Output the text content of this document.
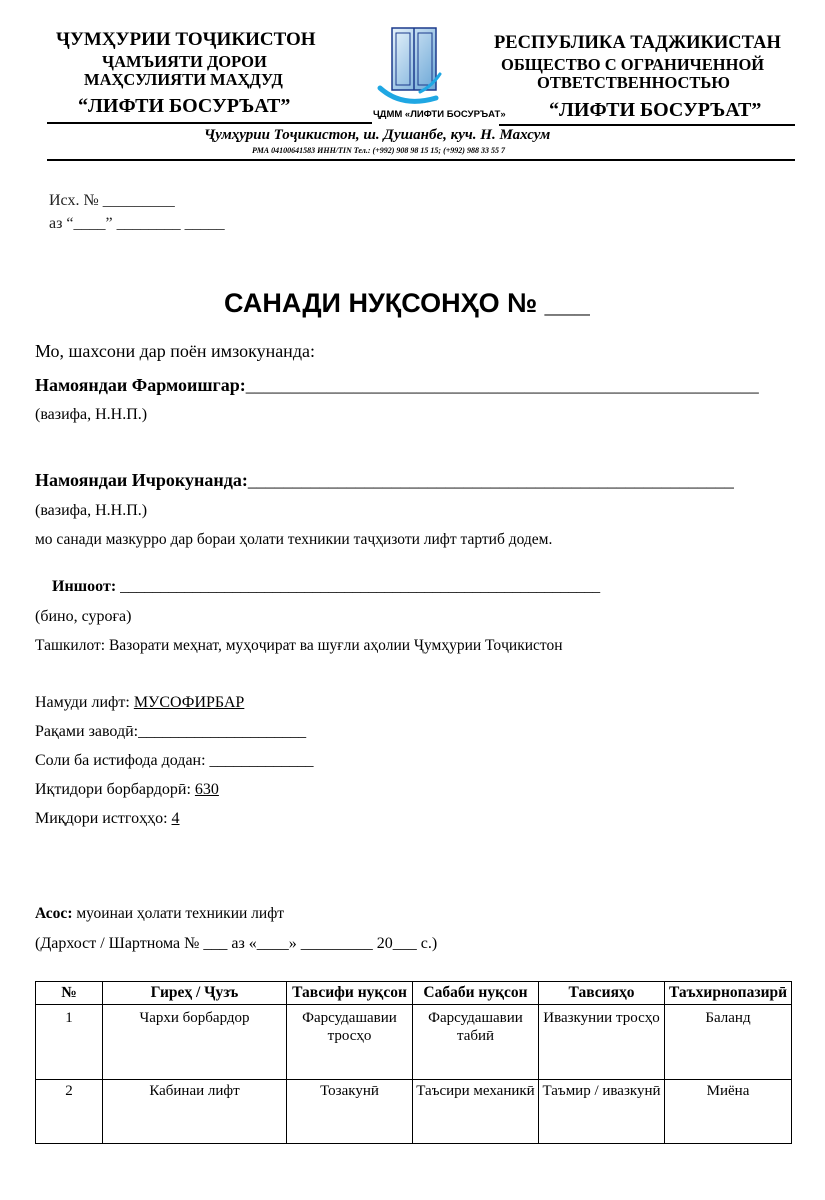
ҶУМҲУРИИ ТОҶИКИСТОН
ҶАМЪИЯТИ ДОРОИ
МАҲСУЛИЯТИ МАҲДУД
“ЛИФТИ БОСУРЪАТ”
РЕСПУБЛИКА ТАДЖИКИСТАН
ОБЩЕСТВО С ОГРАНИЧЕННОЙ
ОТВЕТСТВЕННОСТЬЮ
“ЛИФТИ БОСУРЪАТ”
ҶДММ «ЛИФТИ БОСУРЪАТ»
Ҷумҳурии Тоҷикистон, ш. Душанбе, куч. Н. Махсум
РМА 04100641583 ИНН/TIN Тел.: (+992) 908 98 15 15; (+992) 988 33 55 7
Исх. № _________
аз “____” ________ _____
САНАДИ НУҚСОНҲО № ___
Мо, шахсони дар поён имзокунанда:
Намояндаи Фармоишгар:_________________________________________________________
(вазифа, Н.Н.П.)
Намояндаи Ичрокунанда:______________________________________________________
(вазифа, Н.Н.П.)
мо санади мазкурро дар бораи ҳолати техникии таҷҳизоти лифт тартиб додем.
Иншоот: ____________________________________________________________
(бино, суроға)
Ташкилот: Вазорати меҳнат, муҳоҷират ва шуғли аҳолии Ҷумҳурии Тоҷикистон
Намуди лифт: МУСОФИРБАР
Рақами заводӣ:_____________________
Соли ба истифода додан: _____________
Иқтидори борбардорӣ: 630
Миқдори истгоҳҳо: 4
Асос: муоинаи ҳолати техникии лифт
(Дархост / Шартнома № ___ аз «____» _________ 20___ с.)
№	Гиреҳ / Ҷузъ	Тавсифи нуқсон	Сабаби нуқсон	Тавсияҳо	Таъхирнопазирӣ
1	Чархи борбардор	Фарсудашавии тросҳо	Фарсудашавии табиӣ	Ивазкунии тросҳо	Баланд
2	Кабинаи лифт	Тозакунӣ	Таъсири механикӣ	Таъмир / ивазкунӣ	Миёна
